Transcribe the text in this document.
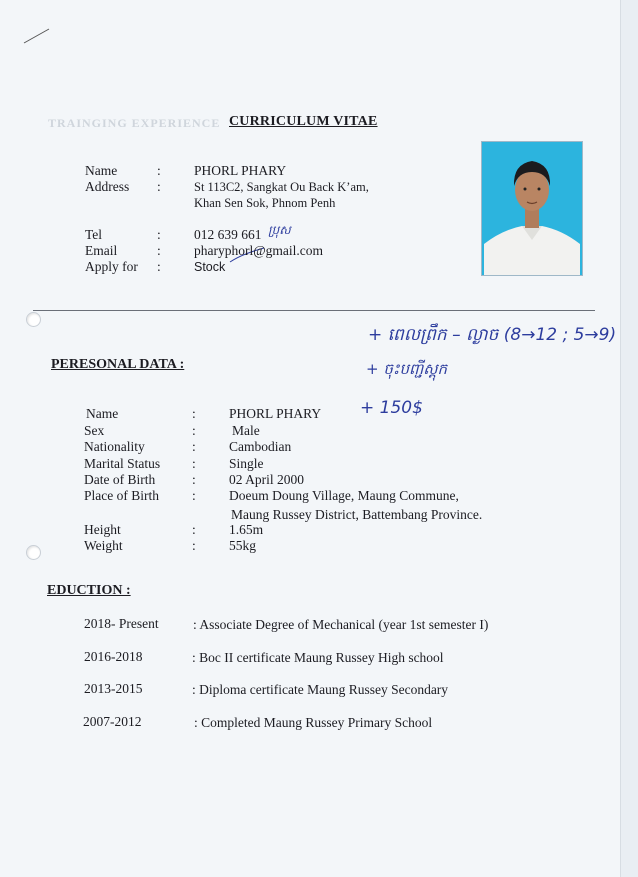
TRAINGING EXPERIENCE CURRICULUM VITAE
Name	: PHORL PHARY
Address :	St 113C2, Sangkat Ou Back K’am,
Khan Sen Sok, Phnom Penh
Tel	: 012 639 661 ប្រុស
Email	: pharyphorl@gmail.com
Apply for :	Stock
+ ពេលព្រឹក – ល្ងាច (8→12 ; 5→9)
+ ចុះបញ្ជីស្តុក
+ 150$
PERESONAL DATA :
Name	: PHORL PHARY
Sex	:	Male
Nationality	: Cambodian
Marital Status : Single
Date of Birth	: 02 April 2000
Place of Birth : Doeum Doung Village, Maung Commune,
Maung Russey District, Battembang Province.
Height	: 1.65m
Weight	: 55kg
EDUCTION :
2018- Present	: Associate Degree of Mechanical (year 1st semester I)
2016-2018	: Boc II certificate Maung Russey High school
2013-2015	: Diploma certificate Maung Russey Secondary
2007-2012	: Completed Maung Russey Primary School
